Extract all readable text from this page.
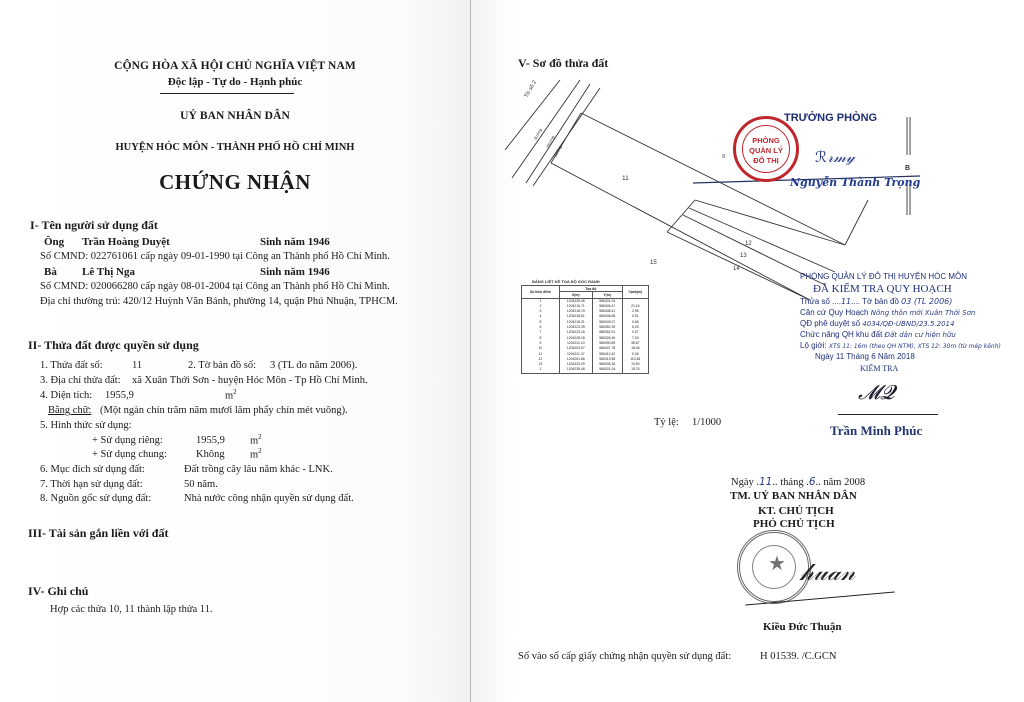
CỘNG HÒA XÃ HỘI CHỦ NGHĨA VIỆT NAM
Độc lập - Tự do - Hạnh phúc
UỶ BAN NHÂN DÂN
HUYỆN HÓC MÔN - THÀNH PHỐ HỒ CHÍ MINH
CHỨNG NHẬN
I- Tên người sử dụng đất
Ông Trần Hoàng Duyệt	Sinh năm 1946
Số CMND: 022761061 cấp ngày 09-01-1990 tại Công an Thành phố Hồ Chí Minh.
Bà Lê Thị Nga	Sinh năm 1946
Số CMND: 020066280 cấp ngày 08-01-2004 tại Công an Thành phố Hồ Chí Minh.
Địa chỉ thường trú: 420/12 Huỳnh Văn Bánh, phường 14, quận Phú Nhuận, TPHCM.
II- Thửa đất được quyền sử dụng
1. Thửa đất số:	11	2. Tờ bản đồ số: 3 (TL đo năm 2006).
3. Địa chỉ thửa đất: xã Xuân Thới Sơn - huyện Hóc Môn - Tp Hồ Chí Minh.
4. Diện tích: 1955,9	$m^2$
Bằng chữ: (Một ngàn chín trăm năm mươi lăm phẩy chín mét vuông).
5. Hình thức sử dụng:
+ Sử dụng riêng:	1955,9 $m^2$
+ Sử dụng chung:	Không $m^2$
6. Mục đích sử dụng đất:	Đất trồng cây lâu năm khác - LNK.
7. Thời hạn sử dụng đất:	50 năm.
8. Nguồn gốc sử dụng đất:	Nhà nước công nhận quyền sử dụng đất.
III- Tài sản gắn liền với đất
IV- Ghi chú
Hợp các thửa 10, 11 thành lập thửa 11.
V- Sơ đồ thửa đất
Tờ số 2
đường
mương
đường
11
9
12
13
14
15
B
BẢNG LIỆT KÊ TỌA ĐỘ GÓC RANH
Số hiệu điểm	Tọa độ		Cạnh(m)
	X(m)	Y(m)	
1	1204235.46	586301.04	
2	1204216.71	586346.47	21.16
3	1204218.19	586348.41	2.96
4	1204218.61	586346.68	0.91
5	1204218.21	586349.37	0.65
6	1204223.39	586352.39	6.00
7	1204223.16	586352.91	0.57
8	1204228.18	586326.46	7.00
9	1204211.10	586390.89	38.67
10	1204203.67	586407.78	18.45
11	1204211.37	586412.42	9.06
12	1204261.86	586313.58	110.84
13	1204233.09	586305.16	10.90
1	1204235.46	586301.04	15.76
PHÒNG
QUẢN LÝ
ĐÔ THỊ
TRƯỞNG PHÒNG
ℛ𝓇𝓂𝓎
Nguyễn Thành Trọng
PHÒNG QUẢN LÝ ĐÔ THỊ HUYỆN HÓC MÔN
ĐÃ KIỂM TRA QUY HOẠCH
Thửa số ....11.... Tờ bản đồ 03 (TL 2006)
Căn cứ Quy Hoạch Nông thôn mới Xuân Thới Sơn
QĐ phê duyệt số 4034/QĐ-UBND/23.5.2014
Chức năng QH khu đất Đất dân cư hiện hữu
Lộ giới: XTS 11: 16m (theo QH NTM), XTS 12: 30m (từ mép kênh)
Ngày 11 Tháng 6 Năm 2018
KIỂM TRA
𝓜𝓠
Trần Minh Phúc
Tỷ lệ: 1/1000
Ngày .11.. tháng .6.. năm 2008
TM. UỶ BAN NHÂN DÂN
KT. CHỦ TỊCH
PHÓ CHỦ TỊCH
★ 𝒽𝓊𝒶𝓃
Kiều Đức Thuận
Số vào sổ cấp giấy chứng nhận quyền sử dụng đất:	H 01539. /C.GCN
